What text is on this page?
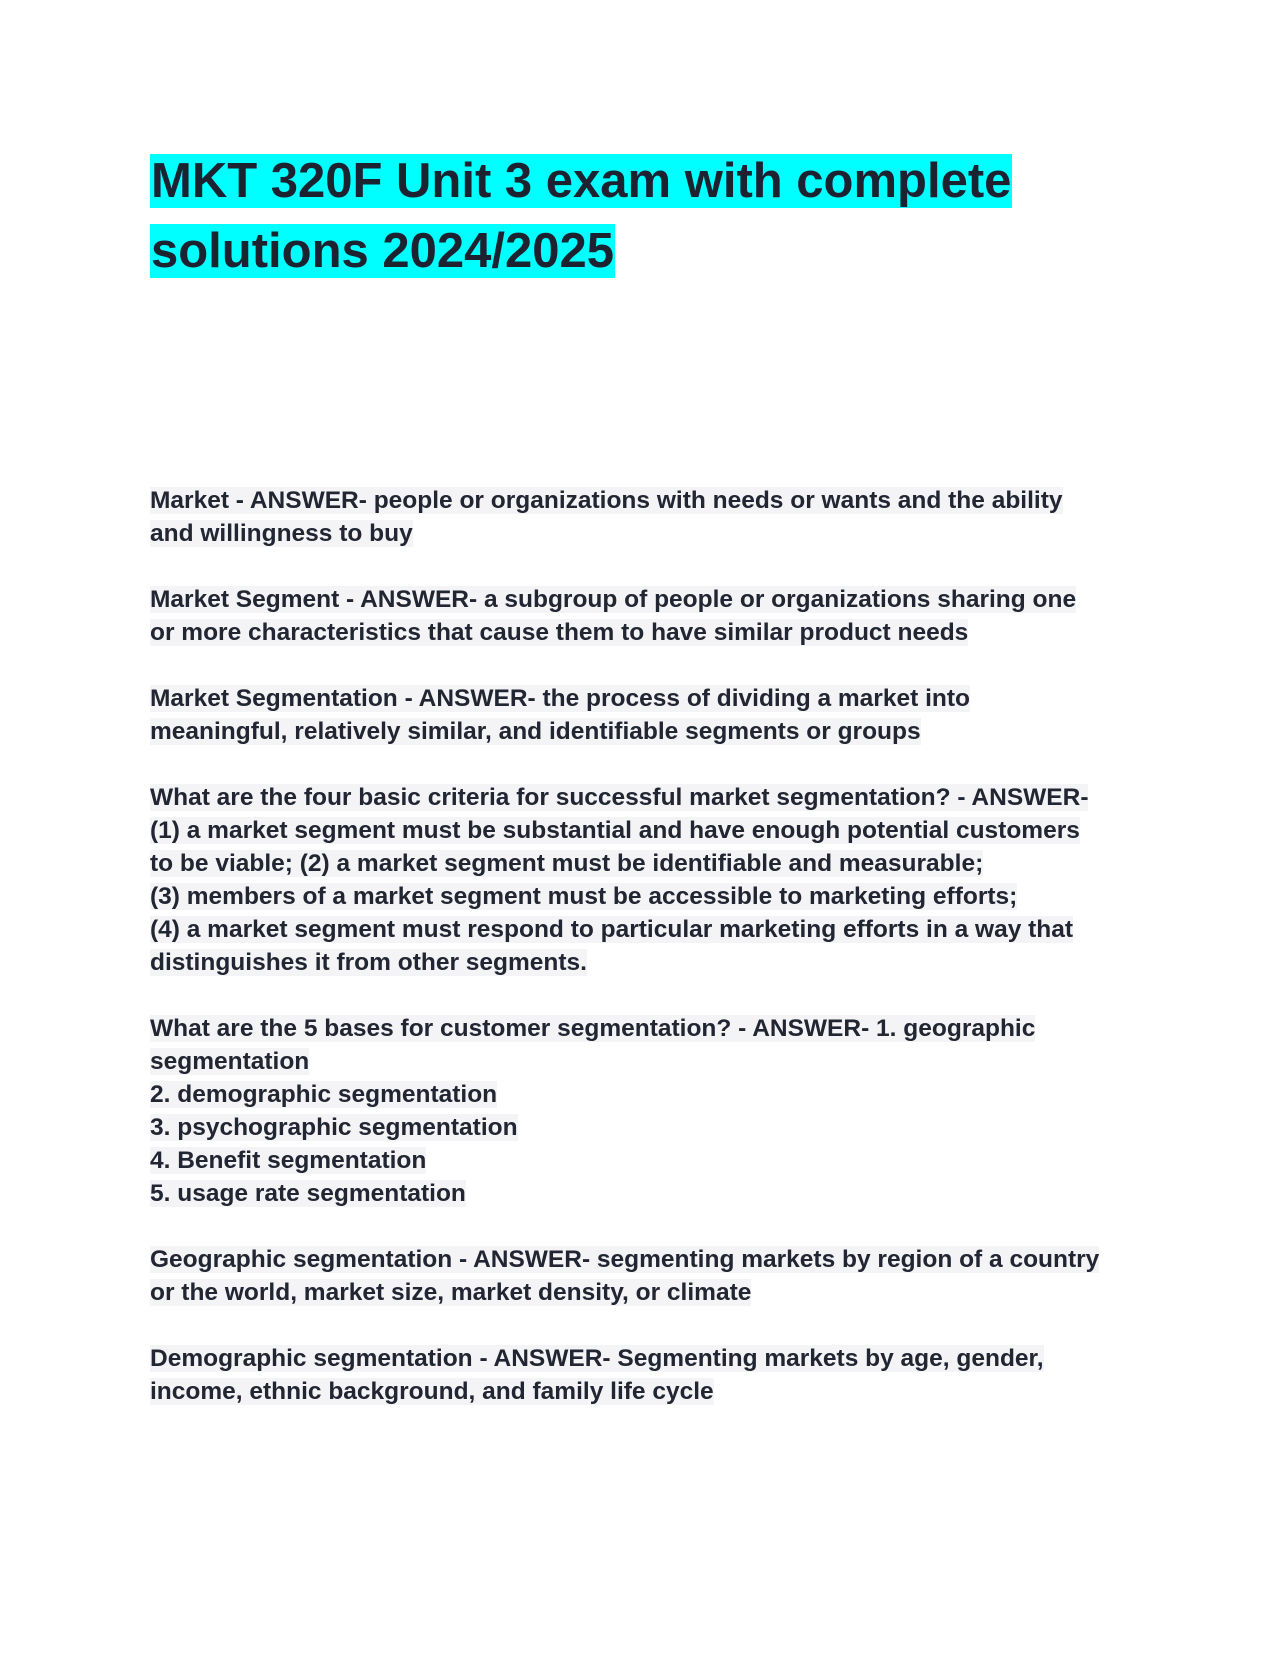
MKT 320F Unit 3 exam with complete
solutions 2024/2025
Market - ANSWER- people or organizations with needs or wants and the ability
and willingness to buy
Market Segment - ANSWER- a subgroup of people or organizations sharing one
or more characteristics that cause them to have similar product needs
Market Segmentation - ANSWER- the process of dividing a market into
meaningful, relatively similar, and identifiable segments or groups
What are the four basic criteria for successful market segmentation? - ANSWER-
(1) a market segment must be substantial and have enough potential customers
to be viable; (2) a market segment must be identifiable and measurable;
(3) members of a market segment must be accessible to marketing efforts;
(4) a market segment must respond to particular marketing efforts in a way that
distinguishes it from other segments.
What are the 5 bases for customer segmentation? - ANSWER- 1. geographic
segmentation
2. demographic segmentation
3. psychographic segmentation
4. Benefit segmentation
5. usage rate segmentation
Geographic segmentation - ANSWER- segmenting markets by region of a country
or the world, market size, market density, or climate
Demographic segmentation - ANSWER- Segmenting markets by age, gender,
income, ethnic background, and family life cycle
